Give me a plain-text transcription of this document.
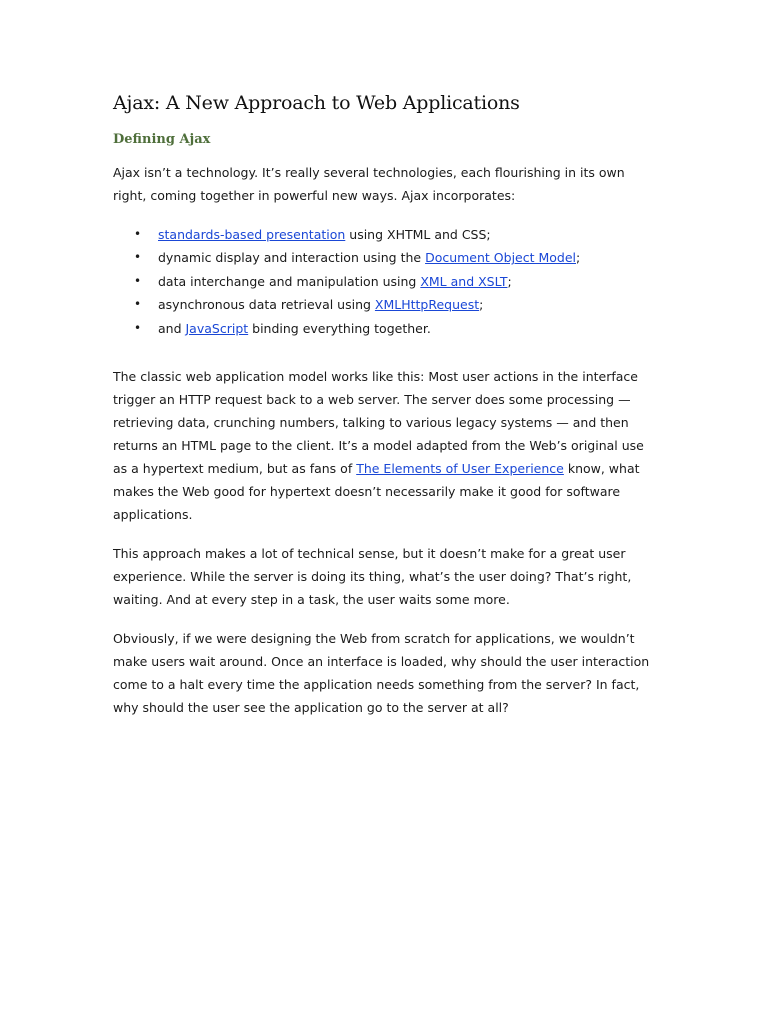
Ajax: A New Approach to Web Applications
Defining Ajax

Ajax isn’t a technology. It’s really several technologies, each flourishing in its own
right, coming together in powerful new ways. Ajax incorporates:

• standards-based presentation using XHTML and CSS;
• dynamic display and interaction using the Document Object Model;
• data interchange and manipulation using XML and XSLT;
• asynchronous data retrieval using XMLHttpRequest;
• and JavaScript binding everything together.

The classic web application model works like this: Most user actions in the interface
trigger an HTTP request back to a web server. The server does some processing —
retrieving data, crunching numbers, talking to various legacy systems — and then
returns an HTML page to the client. It’s a model adapted from the Web’s original use
as a hypertext medium, but as fans of The Elements of User Experience know, what
makes the Web good for hypertext doesn’t necessarily make it good for software
applications.

This approach makes a lot of technical sense, but it doesn’t make for a great user
experience. While the server is doing its thing, what’s the user doing? That’s right,
waiting. And at every step in a task, the user waits some more.

Obviously, if we were designing the Web from scratch for applications, we wouldn’t
make users wait around. Once an interface is loaded, why should the user interaction
come to a halt every time the application needs something from the server? In fact,
why should the user see the application go to the server at all?
